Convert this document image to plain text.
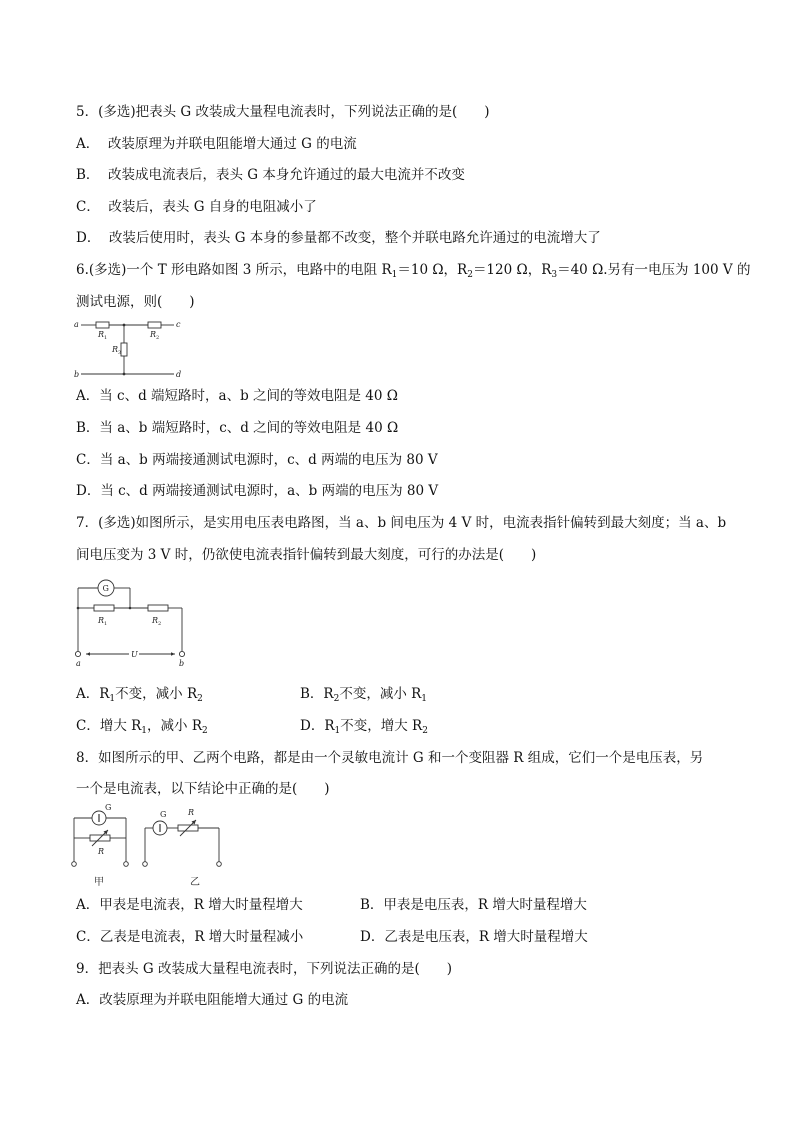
5．(多选)把表头 G 改装成大量程电流表时，下列说法正确的是(　　)
A．  改装原理为并联电阻能增大通过 G 的电流
B．  改装成电流表后，表头 G 本身允许通过的最大电流并不改变
C．  改装后，表头 G 自身的电阻减小了
D．  改装后使用时，表头 G 本身的参量都不改变，整个并联电路允许通过的电流增大了
6.(多选)一个 T 形电路如图 3 所示，电路中的电阻 $R_1=10$ Ω，$R_2=120$ Ω，$R_3=40$ Ω.另有一电压为 100 V 的
测试电源，则(　　)
a
b
c
d
$R_1$	$R_2$
$R_3$
A．当 c、d 端短路时，a、b 之间的等效电阻是 40 Ω
B．当 a、b 端短路时，c、d 之间的等效电阻是 40 Ω
C．当 a、b 两端接通测试电源时，c、d 两端的电压为 80 V
D．当 c、d 两端接通测试电源时，a、b 两端的电压为 80 V
7．(多选)如图所示，是实用电压表电路图，当 a、b 间电压为 4 V 时，电流表指针偏转到最大刻度；当 a、b
间电压变为 3 V 时，仍欲使电流表指针偏转到最大刻度，可行的办法是(　　)
G
$R_1$	$R_2$
a
U
b
A．$R_1$不变，减小 $R_2$	B．$R_2$不变，减小 $R_1$
C．增大 $R_1$，减小 $R_2$	D．$R_1$不变，增大 $R_2$
8．如图所示的甲、乙两个电路，都是由一个灵敏电流计 G 和一个变阻器 R 组成，它们一个是电压表，另
一个是电流表，以下结论中正确的是(　　)
G
R
甲
G	R
乙
A．甲表是电流表，R 增大时量程增大	B．甲表是电压表，R 增大时量程增大
C．乙表是电流表，R 增大时量程减小	D．乙表是电压表，R 增大时量程增大
9．把表头 G 改装成大量程电流表时，下列说法正确的是(　　)
A．改装原理为并联电阻能增大通过 G 的电流
